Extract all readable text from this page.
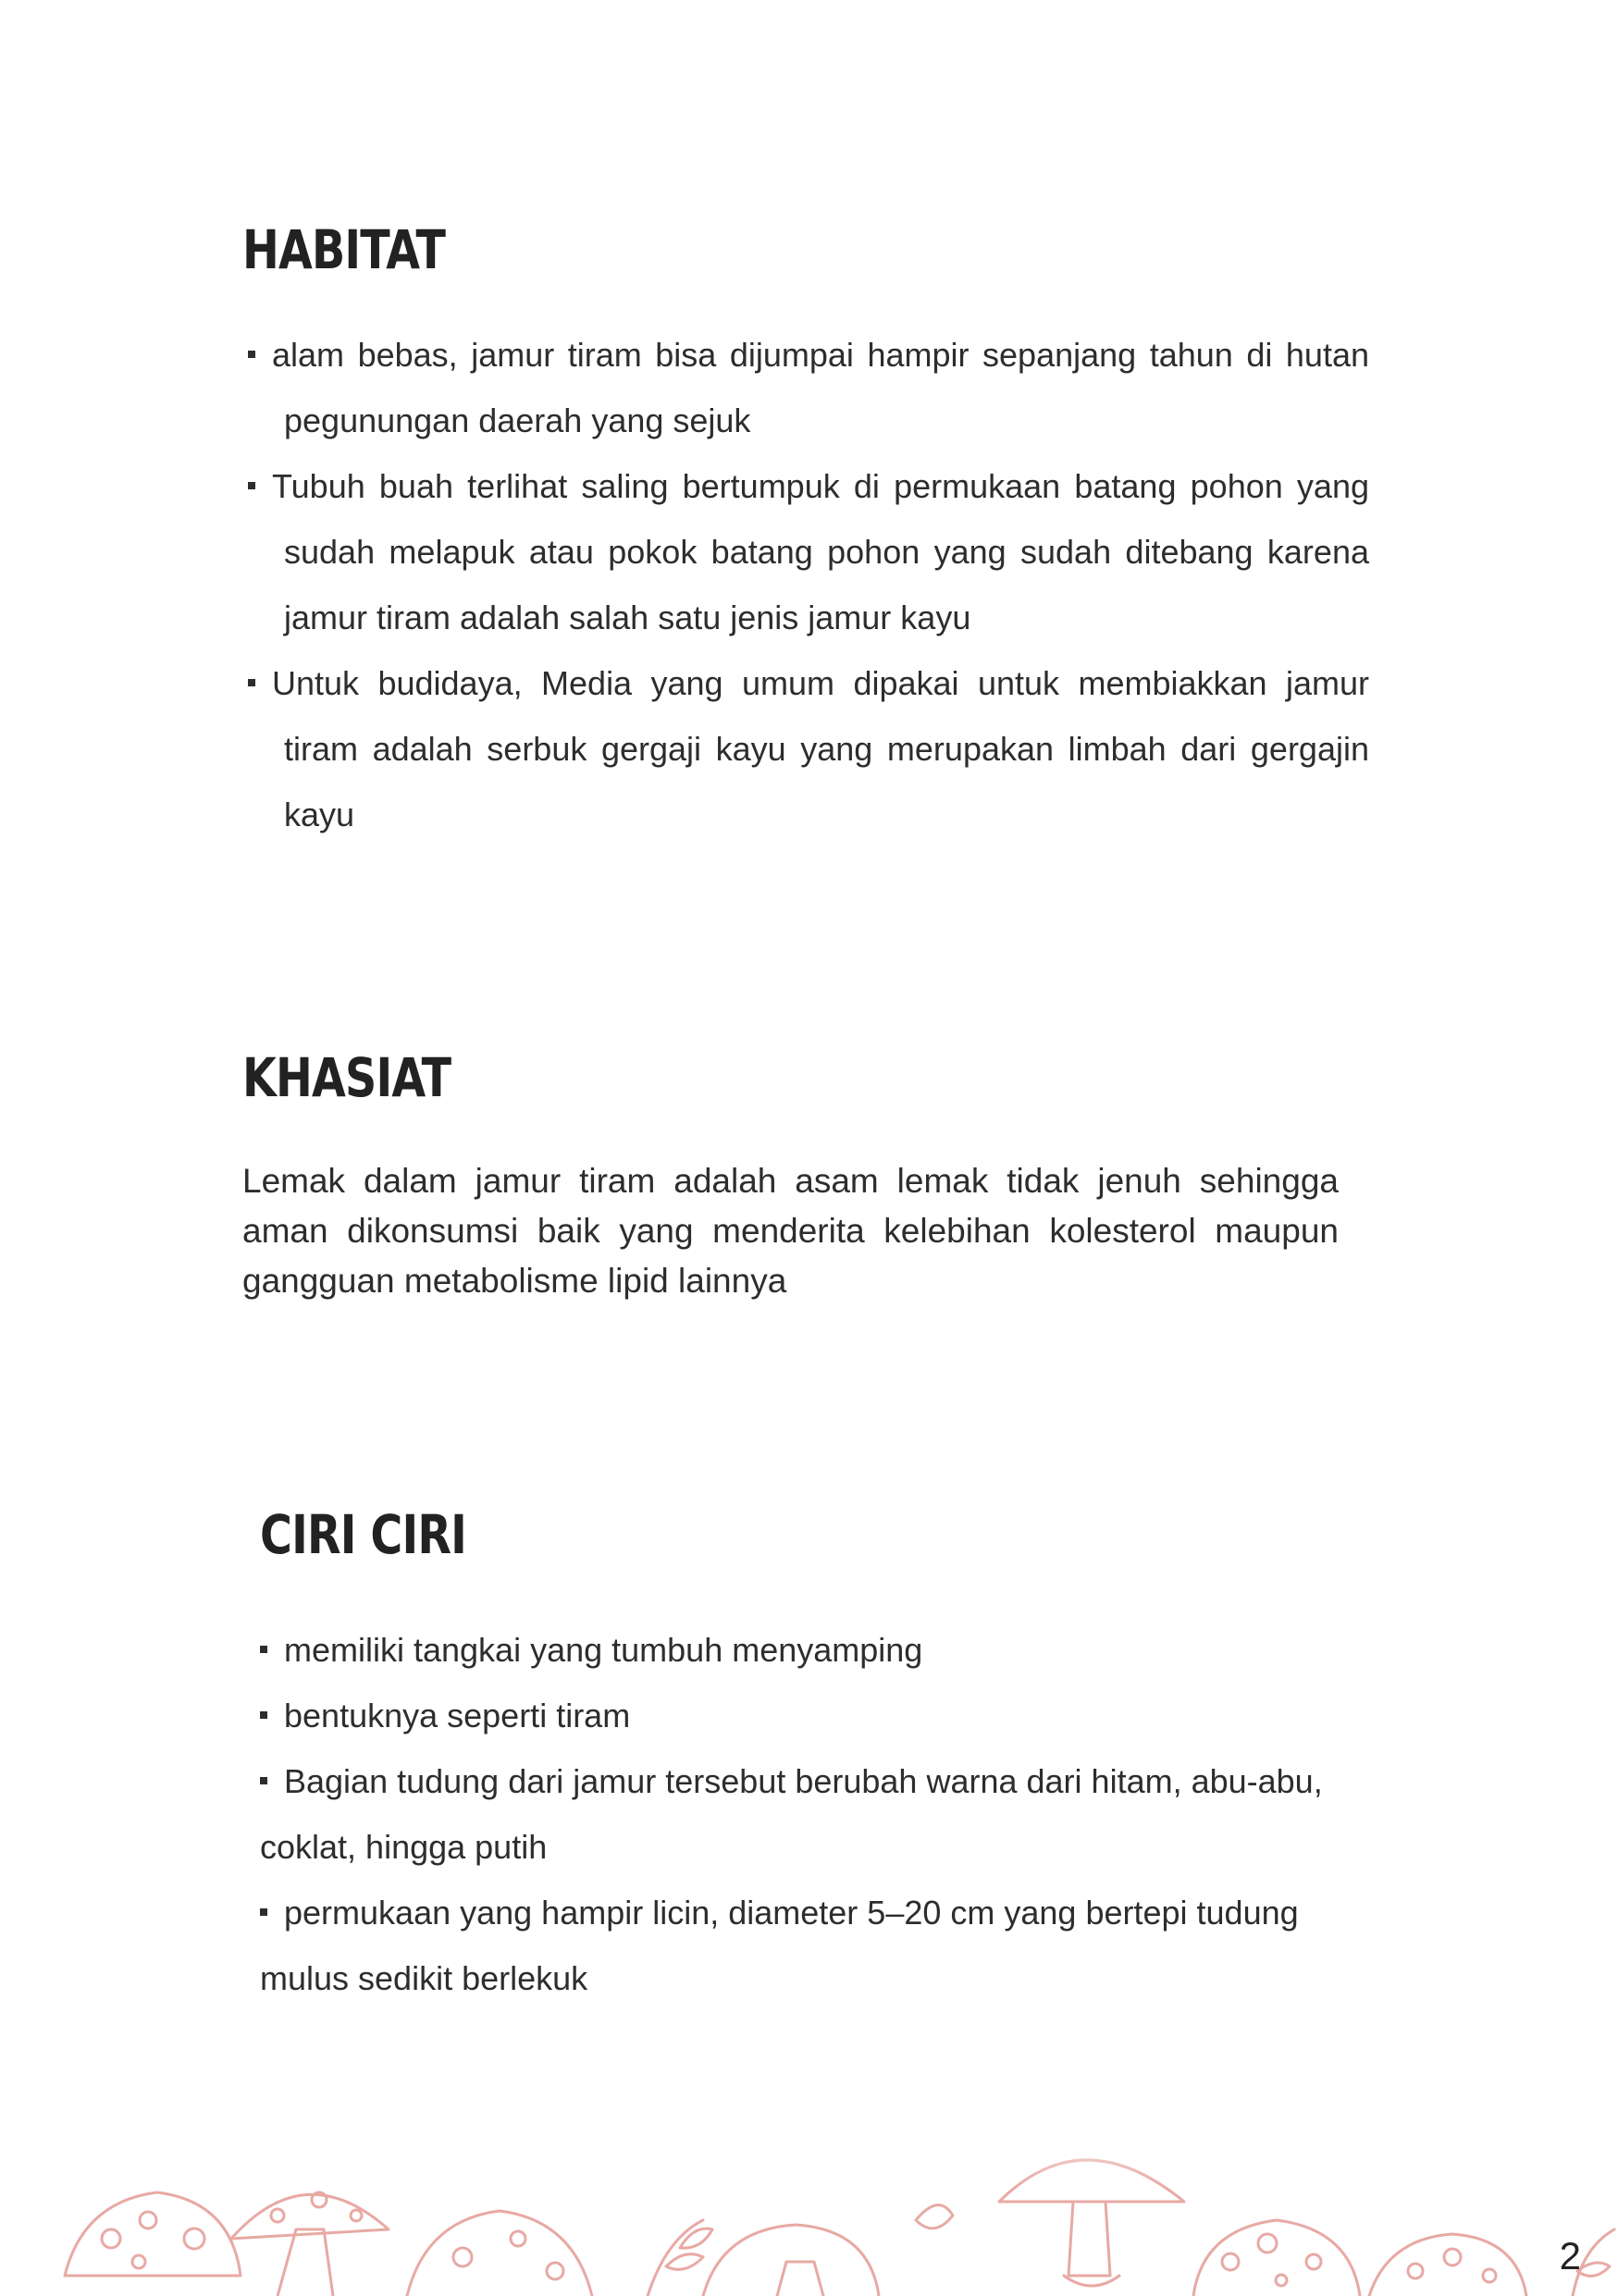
HABITAT
alam bebas, jamur tiram bisa dijumpai hampir sepanjang tahun di hutan pegunungan daerah yang sejuk
Tubuh buah terlihat saling bertumpuk di permukaan batang pohon yang sudah melapuk atau pokok batang pohon yang sudah ditebang karena jamur tiram adalah salah satu jenis jamur kayu
Untuk budidaya, Media yang umum dipakai untuk membiakkan jamur tiram adalah serbuk gergaji kayu yang merupakan limbah dari gergajin kayu
KHASIAT

Lemak dalam jamur tiram adalah asam lemak tidak jenuh sehingga aman dikonsumsi baik yang menderita kelebihan kolesterol maupun gangguan metabolisme lipid lainnya

CIRI CIRI
memiliki tangkai yang tumbuh menyamping
bentuknya seperti tiram
Bagian tudung dari jamur tersebut berubah warna dari hitam, abu-abu, coklat, hingga putih
permukaan yang hampir licin, diameter 5–20 cm yang bertepi tudung mulus sedikit berlekuk
2
